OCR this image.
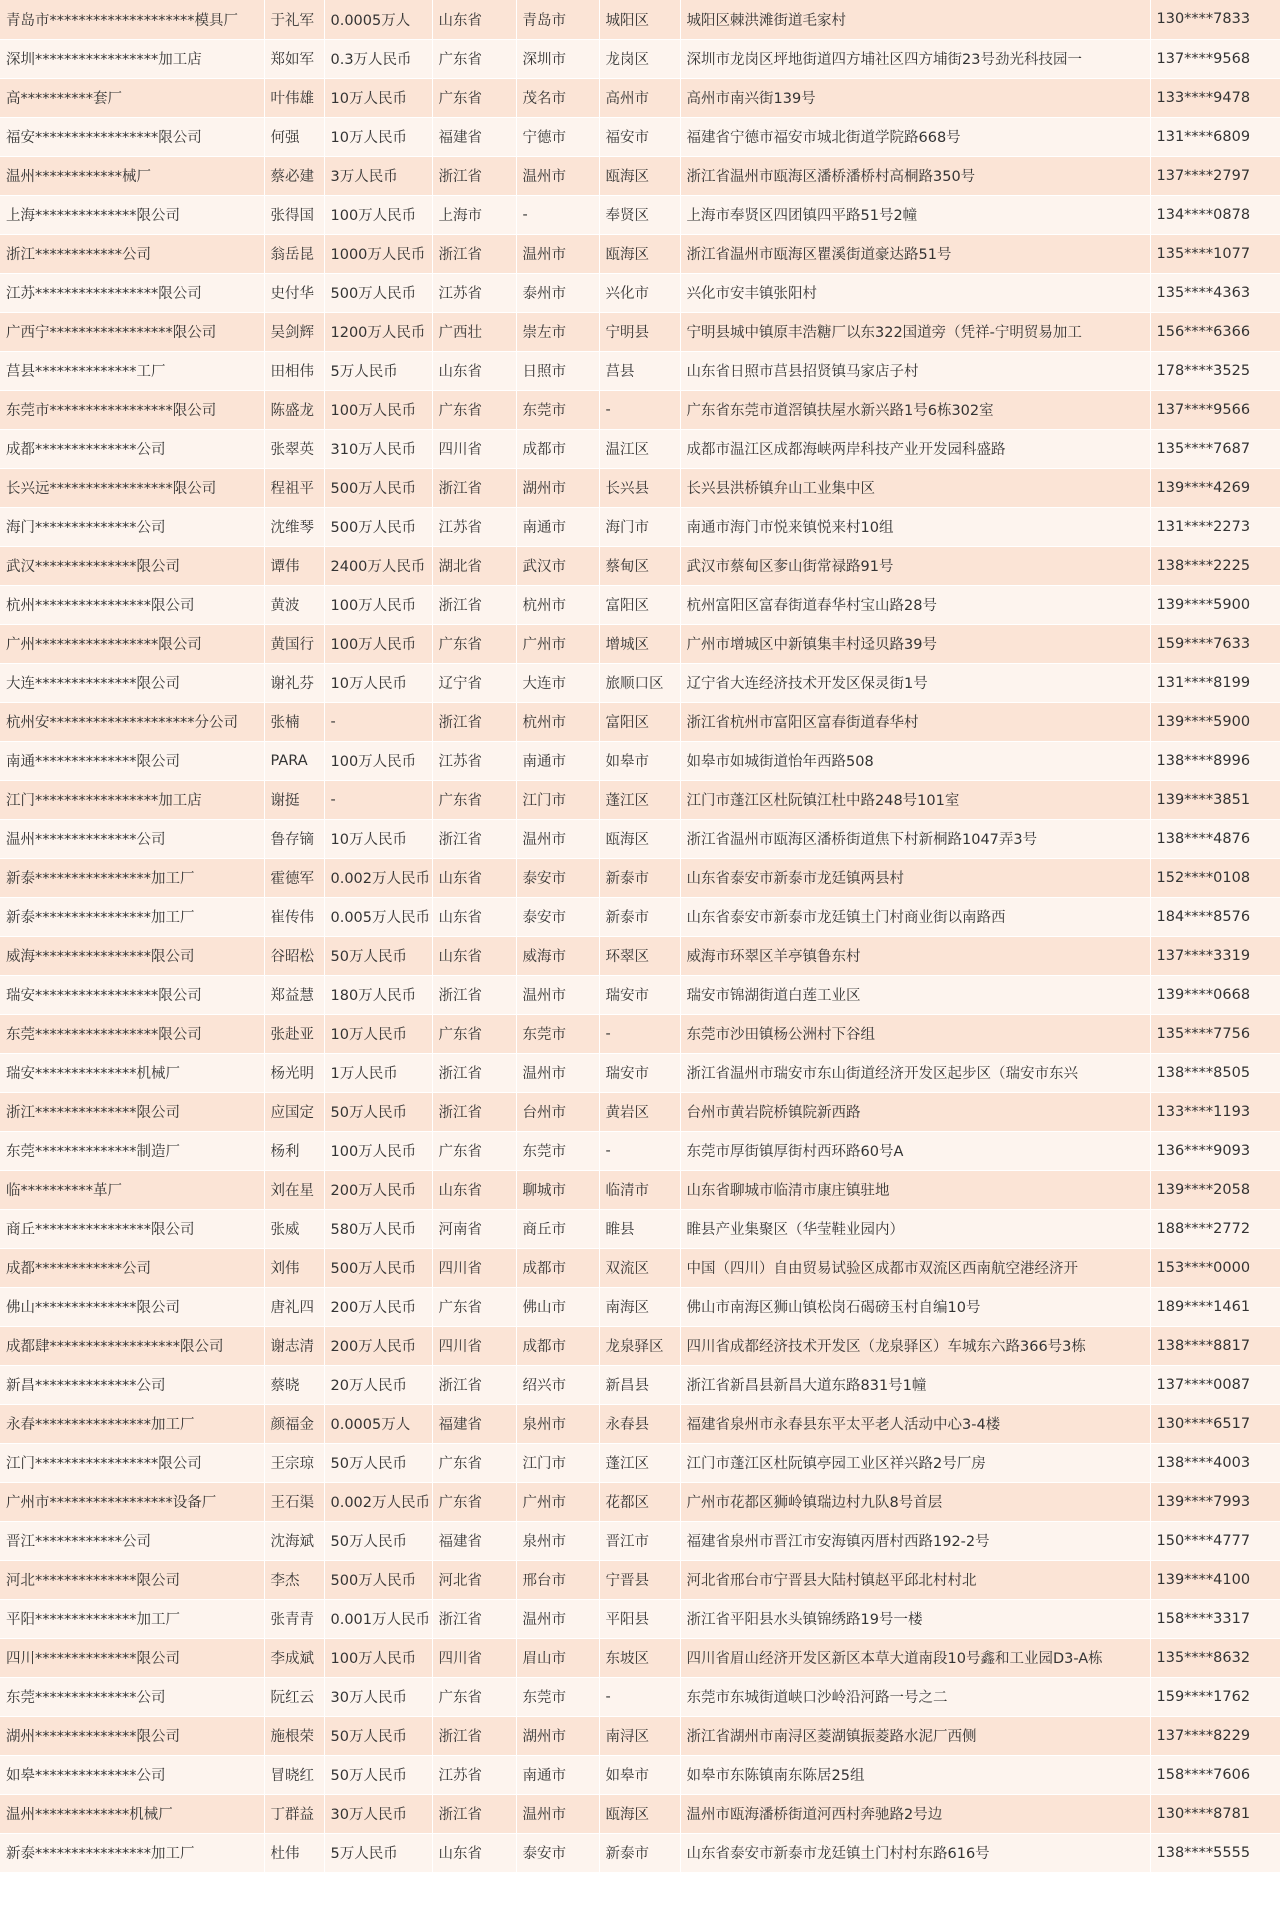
青岛市********************模具厂	于礼军	0.0005万人	山东省	青岛市	城阳区	城阳区棘洪滩街道毛家村	130****7833
深圳*****************加工店	郑如军	0.3万人民币	广东省	深圳市	龙岗区	深圳市龙岗区坪地街道四方埔社区四方埔街23号劲光科技园一	137****9568
高**********套厂	叶伟雄	10万人民币	广东省	茂名市	高州市	高州市南兴街139号	133****9478
福安*****************限公司	何强	10万人民币	福建省	宁德市	福安市	福建省宁德市福安市城北街道学院路668号	131****6809
温州************械厂	蔡必建	3万人民币	浙江省	温州市	瓯海区	浙江省温州市瓯海区潘桥潘桥村高桐路350号	137****2797
上海**************限公司	张得国	100万人民币	上海市	-	奉贤区	上海市奉贤区四团镇四平路51号2幢	134****0878
浙江************公司	翁岳昆	1000万人民币	浙江省	温州市	瓯海区	浙江省温州市瓯海区瞿溪街道豪达路51号	135****1077
江苏*****************限公司	史付华	500万人民币	江苏省	泰州市	兴化市	兴化市安丰镇张阳村	135****4363
广西宁*****************限公司	吴剑辉	1200万人民币	广西壮	崇左市	宁明县	宁明县城中镇原丰浩糖厂以东322国道旁（凭祥-宁明贸易加工	156****6366
莒县**************工厂	田相伟	5万人民币	山东省	日照市	莒县	山东省日照市莒县招贤镇马家店子村	178****3525
东莞市*****************限公司	陈盛龙	100万人民币	广东省	东莞市	-	广东省东莞市道滘镇扶屋水新兴路1号6栋302室	137****9566
成都**************公司	张翠英	310万人民币	四川省	成都市	温江区	成都市温江区成都海峡两岸科技产业开发园科盛路	135****7687
长兴远*****************限公司	程祖平	500万人民币	浙江省	湖州市	长兴县	长兴县洪桥镇弁山工业集中区	139****4269
海门**************公司	沈维琴	500万人民币	江苏省	南通市	海门市	南通市海门市悦来镇悦来村10组	131****2273
武汉**************限公司	谭伟	2400万人民币	湖北省	武汉市	蔡甸区	武汉市蔡甸区奓山街常禄路91号	138****2225
杭州****************限公司	黄波	100万人民币	浙江省	杭州市	富阳区	杭州富阳区富春街道春华村宝山路28号	139****5900
广州*****************限公司	黄国行	100万人民币	广东省	广州市	增城区	广州市增城区中新镇集丰村迳贝路39号	159****7633
大连**************限公司	谢礼芬	10万人民币	辽宁省	大连市	旅顺口区	辽宁省大连经济技术开发区保灵街1号	131****8199
杭州安********************分公司	张楠	-	浙江省	杭州市	富阳区	浙江省杭州市富阳区富春街道春华村	139****5900
南通**************限公司	PARA	100万人民币	江苏省	南通市	如皋市	如皋市如城街道怡年西路508	138****8996
江门*****************加工店	谢挺	-	广东省	江门市	蓬江区	江门市蓬江区杜阮镇江杜中路248号101室	139****3851
温州**************公司	鲁存镝	10万人民币	浙江省	温州市	瓯海区	浙江省温州市瓯海区潘桥街道焦下村新桐路1047弄3号	138****4876
新泰****************加工厂	霍德军	0.002万人民币	山东省	泰安市	新泰市	山东省泰安市新泰市龙廷镇两县村	152****0108
新泰****************加工厂	崔传伟	0.005万人民币	山东省	泰安市	新泰市	山东省泰安市新泰市龙廷镇土门村商业街以南路西	184****8576
威海****************限公司	谷昭松	50万人民币	山东省	威海市	环翠区	威海市环翠区羊亭镇鲁东村	137****3319
瑞安*****************限公司	郑益慧	180万人民币	浙江省	温州市	瑞安市	瑞安市锦湖街道白莲工业区	139****0668
东莞*****************限公司	张赴亚	10万人民币	广东省	东莞市	-	东莞市沙田镇杨公洲村下谷组	135****7756
瑞安**************机械厂	杨光明	1万人民币	浙江省	温州市	瑞安市	浙江省温州市瑞安市东山街道经济开发区起步区（瑞安市东兴	138****8505
浙江**************限公司	应国定	50万人民币	浙江省	台州市	黄岩区	台州市黄岩院桥镇院新西路	133****1193
东莞**************制造厂	杨利	100万人民币	广东省	东莞市	-	东莞市厚街镇厚街村西环路60号A	136****9093
临**********革厂	刘在星	200万人民币	山东省	聊城市	临清市	山东省聊城市临清市康庄镇驻地	139****2058
商丘****************限公司	张威	580万人民币	河南省	商丘市	睢县	睢县产业集聚区（华莹鞋业园内）	188****2772
成都************公司	刘伟	500万人民币	四川省	成都市	双流区	中国（四川）自由贸易试验区成都市双流区西南航空港经济开	153****0000
佛山**************限公司	唐礼四	200万人民币	广东省	佛山市	南海区	佛山市南海区狮山镇松岗石碣磅玉村自编10号	189****1461
成都肆******************限公司	谢志清	200万人民币	四川省	成都市	龙泉驿区	四川省成都经济技术开发区（龙泉驿区）车城东六路366号3栋	138****8817
新昌**************公司	蔡晓	20万人民币	浙江省	绍兴市	新昌县	浙江省新昌县新昌大道东路831号1幢	137****0087
永春****************加工厂	颜福金	0.0005万人	福建省	泉州市	永春县	福建省泉州市永春县东平太平老人活动中心3-4楼	130****6517
江门*****************限公司	王宗琼	50万人民币	广东省	江门市	蓬江区	江门市蓬江区杜阮镇亭园工业区祥兴路2号厂房	138****4003
广州市*****************设备厂	王石渠	0.002万人民币	广东省	广州市	花都区	广州市花都区狮岭镇瑞边村九队8号首层	139****7993
晋江************公司	沈海斌	50万人民币	福建省	泉州市	晋江市	福建省泉州市晋江市安海镇丙厝村西路192-2号	150****4777
河北**************限公司	李杰	500万人民币	河北省	邢台市	宁晋县	河北省邢台市宁晋县大陆村镇赵平邱北村村北	139****4100
平阳**************加工厂	张青青	0.001万人民币	浙江省	温州市	平阳县	浙江省平阳县水头镇锦绣路19号一楼	158****3317
四川**************限公司	李成斌	100万人民币	四川省	眉山市	东坡区	四川省眉山经济开发区新区本草大道南段10号鑫和工业园D3-A栋	135****8632
东莞**************公司	阮红云	30万人民币	广东省	东莞市	-	东莞市东城街道峡口沙岭沿河路一号之二	159****1762
湖州**************限公司	施根荣	50万人民币	浙江省	湖州市	南浔区	浙江省湖州市南浔区菱湖镇振菱路水泥厂西侧	137****8229
如皋**************公司	冒晓红	50万人民币	江苏省	南通市	如皋市	如皋市东陈镇南东陈居25组	158****7606
温州*************机械厂	丁群益	30万人民币	浙江省	温州市	瓯海区	温州市瓯海潘桥街道河西村奔驰路2号边	130****8781
新泰****************加工厂	杜伟	5万人民币	山东省	泰安市	新泰市	山东省泰安市新泰市龙廷镇土门村村东路616号	138****5555
